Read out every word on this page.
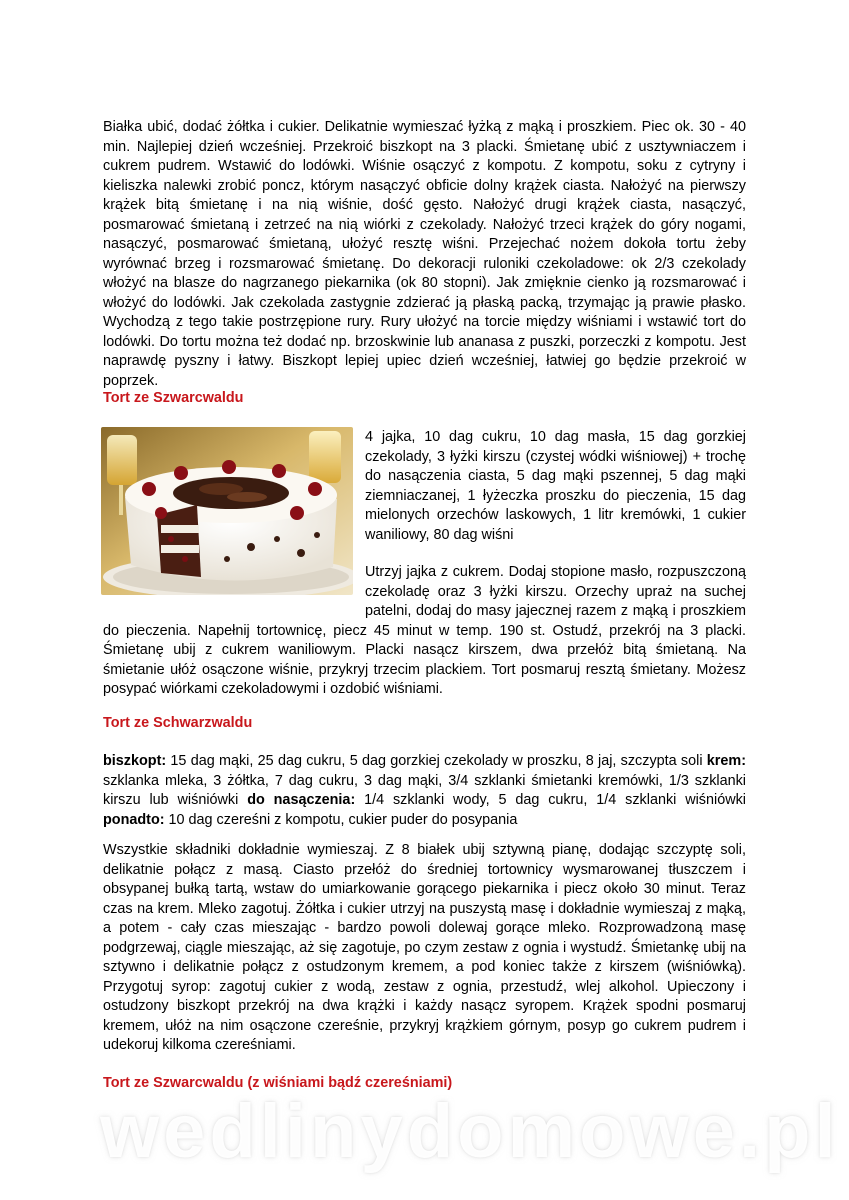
Białka ubić, dodać żółtka i cukier. Delikatnie wymieszać łyżką z mąką i proszkiem. Piec ok. 30 - 40 min. Najlepiej dzień wcześniej. Przekroić biszkopt na 3 placki. Śmietanę ubić z usztywniaczem i cukrem pudrem. Wstawić do lodówki. Wiśnie osączyć z kompotu. Z kompotu, soku z cytryny i kieliszka nalewki zrobić poncz, którym nasączyć obficie dolny krążek ciasta. Nałożyć na pierwszy krążek bitą śmietanę i na nią wiśnie, dość gęsto. Nałożyć drugi krążek ciasta, nasączyć, posmarować śmietaną i zetrzeć na nią wiórki z czekolady. Nałożyć trzeci krążek do góry nogami, nasączyć, posmarować śmietaną, ułożyć resztę wiśni. Przejechać nożem dokoła tortu żeby wyrównać brzeg i rozsmarować śmietanę. Do dekoracji ruloniki czekoladowe: ok 2/3 czekolady włożyć na blasze do nagrzanego piekarnika (ok 80 stopni). Jak zmięknie cienko ją rozsmarować i włożyć do lodówki. Jak czekolada zastygnie zdzierać ją płaską packą, trzymając ją prawie płasko. Wychodzą z tego takie postrzępione rury. Rury ułożyć na torcie między wiśniami i wstawić tort do lodówki. Do tortu można też dodać np. brzoskwinie lub ananasa z puszki, porzeczki z kompotu. Jest naprawdę pyszny i łatwy. Biszkopt lepiej upiec dzień wcześniej, łatwiej go będzie przekroić w poprzek.

Tort ze Szwarcwaldu

4 jajka, 10 dag cukru, 10 dag masła, 15 dag gorzkiej czekolady, 3 łyżki kirszu (czystej wódki wiśniowej) + trochę do nasączenia ciasta, 5 dag mąki pszennej, 5 dag mąki ziemniaczanej, 1 łyżeczka proszku do pieczenia, 15 dag mielonych orzechów laskowych, 1 litr kremówki, 1 cukier waniliowy, 80 dag wiśni

Utrzyj jajka z cukrem. Dodaj stopione masło, rozpuszczoną czekoladę oraz 3 łyżki kirszu. Orzechy upraż na suchej patelni, dodaj do masy jajecznej razem z mąką i proszkiem do pieczenia. Napełnij tortownicę, piecz 45 minut w temp. 190 st. Ostudź, przekrój na 3 placki. Śmietanę ubij z cukrem waniliowym. Placki nasącz kirszem, dwa przełóż bitą śmietaną. Na śmietanie ułóż osączone wiśnie, przykryj trzecim plackiem. Tort posmaruj resztą śmietany. Możesz posypać wiórkami czekoladowymi i ozdobić wiśniami.

Tort ze Schwarzwaldu

biszkopt: 15 dag mąki, 25 dag cukru, 5 dag gorzkiej czekolady w proszku, 8 jaj, szczypta soli krem: szklanka mleka, 3 żółtka, 7 dag cukru, 3 dag mąki, 3/4 szklanki śmietanki kremówki, 1/3 szklanki kirszu lub wiśniówki do nasączenia: 1/4 szklanki wody, 5 dag cukru, 1/4 szklanki wiśniówki ponadto: 10 dag czereśni z kompotu, cukier puder do posypania

Wszystkie składniki dokładnie wymieszaj. Z 8 białek ubij sztywną pianę, dodając szczyptę soli, delikatnie połącz z masą. Ciasto przełóż do średniej tortownicy wysmarowanej tłuszczem i obsypanej bułką tartą, wstaw do umiarkowanie gorącego piekarnika i piecz około 30 minut. Teraz czas na krem. Mleko zagotuj. Żółtka i cukier utrzyj na puszystą masę i dokładnie wymieszaj z mąką, a potem - cały czas mieszając - bardzo powoli dolewaj gorące mleko. Rozprowadzoną masę podgrzewaj, ciągle mieszając, aż się zagotuje, po czym zestaw z ognia i wystudź. Śmietankę ubij na sztywno i delikatnie połącz z ostudzonym kremem, a pod koniec także z kirszem (wiśniówką). Przygotuj syrop: zagotuj cukier z wodą, zestaw z ognia, przestudź, wlej alkohol. Upieczony i ostudzony biszkopt przekrój na dwa krążki i każdy nasącz syropem. Krążek spodni posmaruj kremem, ułóż na nim osączone czereśnie, przykryj krążkiem górnym, posyp go cukrem pudrem i udekoruj kilkoma czereśniami.

Tort ze Szwarcwaldu (z wiśniami bądź czereśniami)
wedlinydomowe.pl
